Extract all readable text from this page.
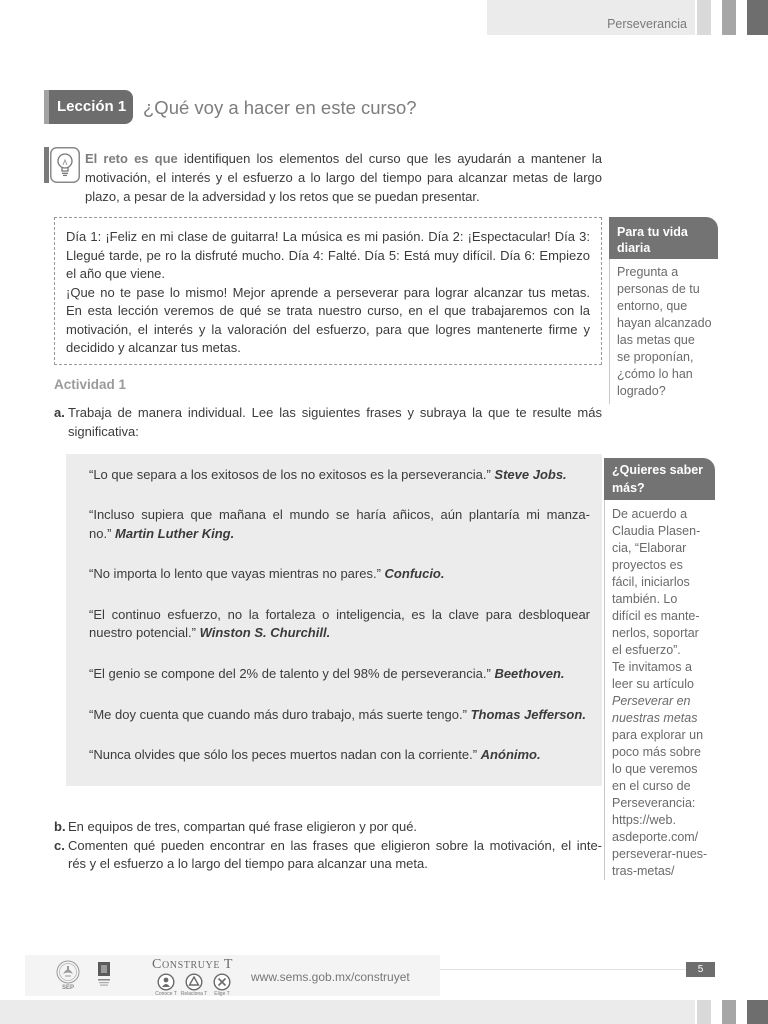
Perseverancia
Lección 1 ¿Qué voy a hacer en este curso?
El reto es que identifiquen los elementos del curso que les ayudarán a mantener la
motivación, el interés y el esfuerzo a lo largo del tiempo para alcanzar metas de largo
plazo, a pesar de la adversidad y los retos que se puedan presentar.
Día 1: ¡Feliz en mi clase de guitarra! La música es mi pasión. Día 2: ¡Espectacular! Día 3:
Llegué tarde, pe ro la disfruté mucho. Día 4: Falté. Día 5: Está muy difícil. Día 6: Empiezo
el año que viene.
¡Que no te pase lo mismo! Mejor aprende a perseverar para lograr alcanzar tus metas.
En esta lección veremos de qué se trata nuestro curso, en el que trabajaremos con la
motivación, el interés y la valoración del esfuerzo, para que logres mantenerte firme y
decidido y alcanzar tus metas.
Para tu vida
diaria
Pregunta a
personas de tu
entorno, que
hayan alcanzado
las metas que
se proponían,
¿cómo lo han
logrado?
Actividad 1
a. Trabaja de manera individual. Lee las siguientes frases y subraya la que te resulte más
significativa:
“Lo que separa a los exitosos de los no exitosos es la perseverancia.” Steve Jobs.
“Incluso supiera que mañana el mundo se haría añicos, aún plantaría mi manza-
no.” Martin Luther King.
“No importa lo lento que vayas mientras no pares.” Confucio.
“El continuo esfuerzo, no la fortaleza o inteligencia, es la clave para desbloquear
nuestro potencial.” Winston S. Churchill.
“El genio se compone del 2% de talento y del 98% de perseverancia.” Beethoven.
“Me doy cuenta que cuando más duro trabajo, más suerte tengo.” Thomas Jefferson.
“Nunca olvides que sólo los peces muertos nadan con la corriente.” Anónimo.
b. En equipos de tres, compartan qué frase eligieron y por qué.
c. Comenten qué pueden encontrar en las frases que eligieron sobre la motivación, el inte-
rés y el esfuerzo a lo largo del tiempo para alcanzar una meta.
¿Quieres saber
más?
De acuerdo a
Claudia Plasen-
cia, “Elaborar
proyectos es
fácil, iniciarlos
también. Lo
difícil es mante-
nerlos, soportar
el esfuerzo”.
Te invitamos a
leer su artículo
Perseverar en
nuestras metas
para explorar un
poco más sobre
lo que veremos
en el curso de
Perseverancia:
https://web.
asdeporte.com/
perseverar-nues-
tras-metas/
SEP
Construye T
Conoce T Relaciona T	Elige T
www.sems.gob.mx/construyet
5
